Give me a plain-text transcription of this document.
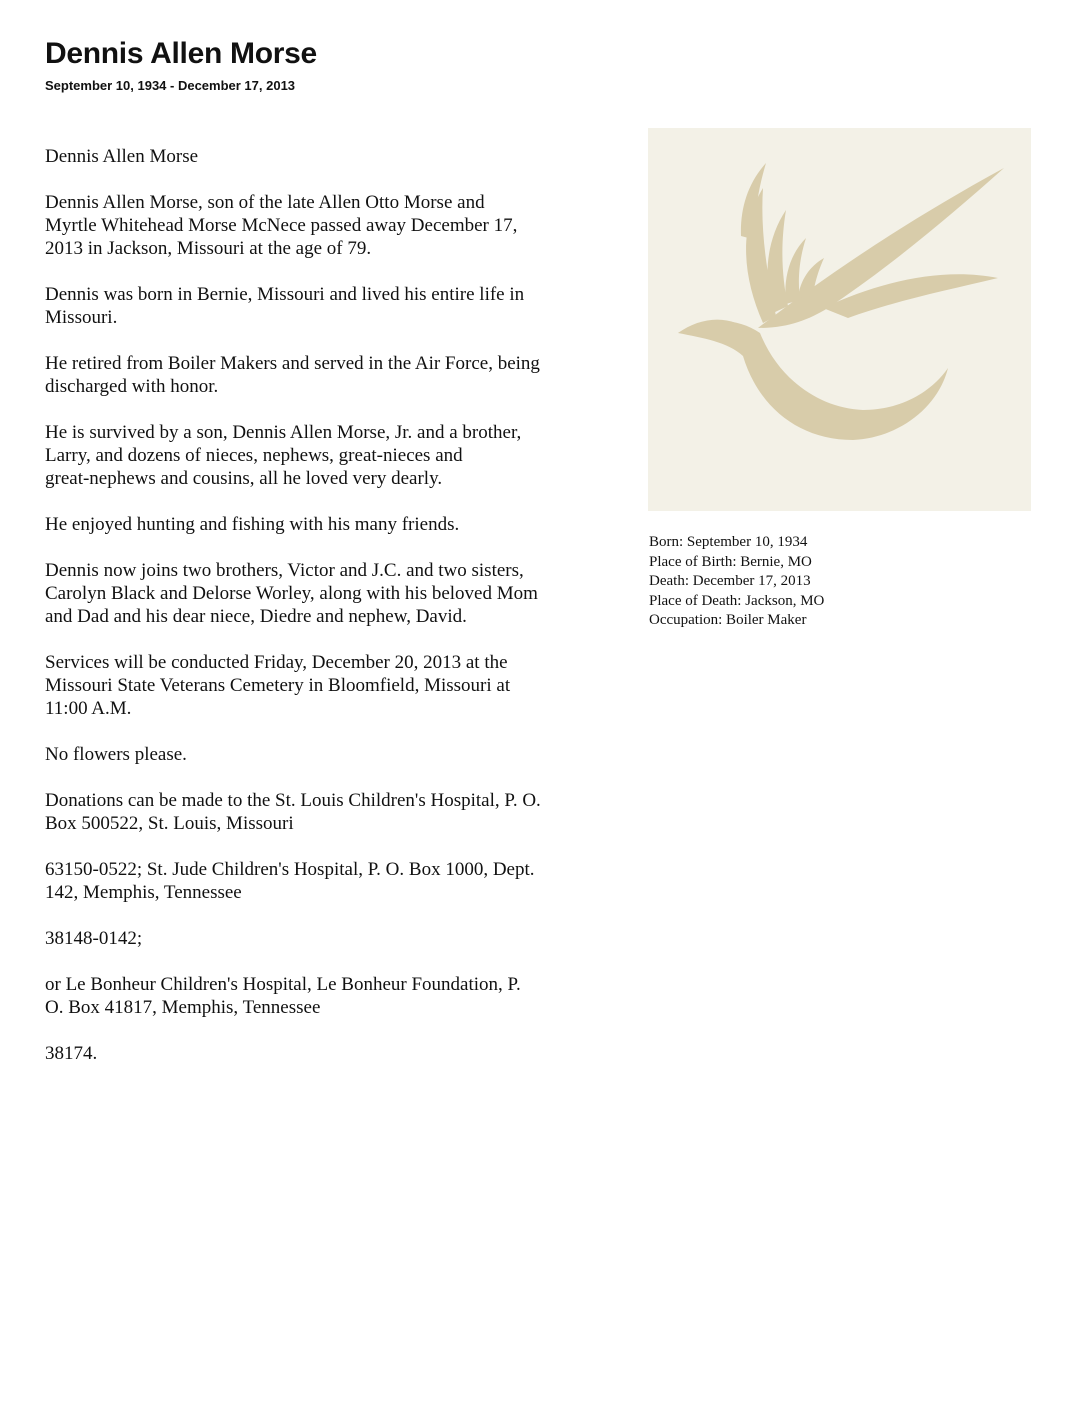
Dennis Allen Morse
September 10, 1934 - December 17, 2013

Dennis Allen Morse

Dennis Allen Morse, son of the late Allen Otto Morse and
Myrtle Whitehead Morse McNece passed away December 17,
2013 in Jackson, Missouri at the age of 79.

Dennis was born in Bernie, Missouri and lived his entire life in
Missouri.

He retired from Boiler Makers and served in the Air Force, being
discharged with honor.

He is survived by a son, Dennis Allen Morse, Jr. and a brother,
Larry, and dozens of nieces, nephews, great-nieces and
great-nephews and cousins, all he loved very dearly.

He enjoyed hunting and fishing with his many friends.

Dennis now joins two brothers, Victor and J.C. and two sisters,
Carolyn Black and Delorse Worley, along with his beloved Mom
and Dad and his dear niece, Diedre and nephew, David.

Services will be conducted Friday, December 20, 2013 at the
Missouri State Veterans Cemetery in Bloomfield, Missouri at
11:00 A.M.

No flowers please.

Donations can be made to the St. Louis Children's Hospital, P. O.
Box 500522, St. Louis, Missouri

63150-0522; St. Jude Children's Hospital, P. O. Box 1000, Dept.
142, Memphis, Tennessee

38148-0142;

or Le Bonheur Children's Hospital, Le Bonheur Foundation, P.
O. Box 41817, Memphis, Tennessee

38174.

Born: September 10, 1934
Place of Birth: Bernie, MO
Death: December 17, 2013
Place of Death: Jackson, MO
Occupation: Boiler Maker
